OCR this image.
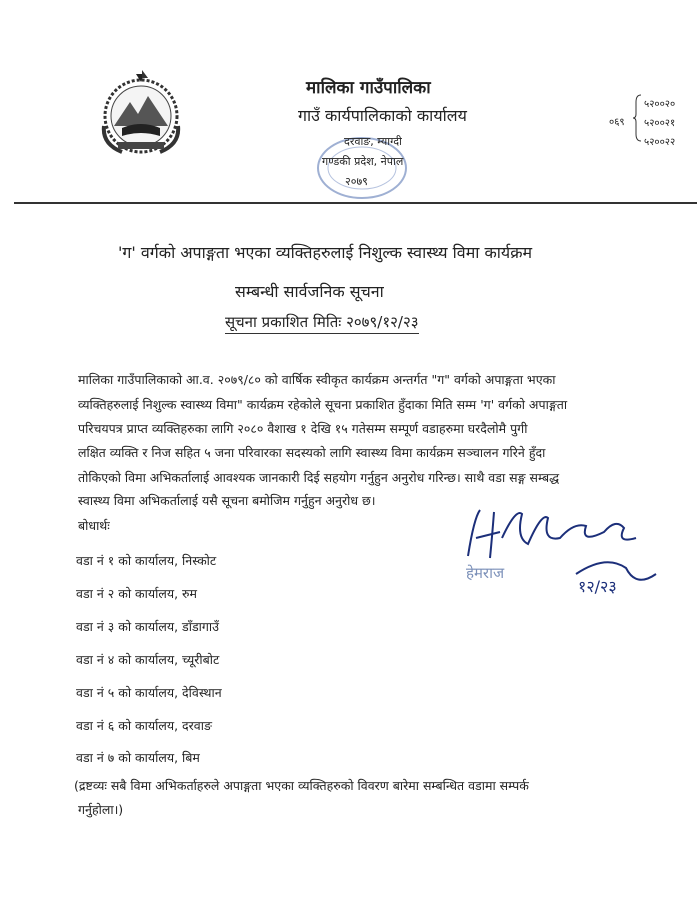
मालिका गाउँपालिका
गाउँ कार्यपालिकाको कार्यालय
दरवाङ, म्याग्दी
गण्डकी प्रदेश, नेपाल
२०७९
०६९
५२००२०
५२००२१
५२००२२
'ग' वर्गको अपाङ्गता भएका व्यक्तिहरुलाई निशुल्क स्वास्थ्य विमा कार्यक्रम
सम्बन्धी सार्वजनिक सूचना
सूचना प्रकाशित मितिः २०७९/१२/२३
मालिका गाउँपालिकाको आ.व. २०७९/८० को वार्षिक स्वीकृत कार्यक्रम अन्तर्गत "ग" वर्गको अपाङ्गता भएका
व्यक्तिहरुलाई निशुल्क स्वास्थ्य विमा" कार्यक्रम रहेकोले सूचना प्रकाशित हुँदाका मिति सम्म 'ग' वर्गको अपाङ्गता
परिचयपत्र प्राप्त व्यक्तिहरुका लागि २०८० वैशाख १ देखि १५ गतेसम्म सम्पूर्ण वडाहरुमा घरदैलोमै पुगी
लक्षित व्यक्ति र निज सहित ५ जना परिवारका सदस्यको लागि स्वास्थ्य विमा कार्यक्रम सञ्चालन गरिने हुँदा
तोकिएको विमा अभिकर्तालाई आवश्यक जानकारी दिई सहयोग गर्नुहुन अनुरोध गरिन्छ। साथै वडा सङ्ग सम्बद्ध
स्वास्थ्य विमा अभिकर्तालाई यसै सूचना बमोजिम गर्नुहुन अनुरोध छ।
बोधार्थः
वडा नं १ को कार्यालय, निस्कोट
वडा नं २ को कार्यालय, रुम
वडा नं ३ को कार्यालय, डाँडागाउँ
वडा नं ४ को कार्यालय, च्यूरीबोट
वडा नं ५ को कार्यालय, देविस्थान
वडा नं ६ को कार्यालय, दरवाङ
वडा नं ७ को कार्यालय, बिम
(द्रष्टव्यः सबै विमा अभिकर्ताहरुले अपाङ्गता भएका व्यक्तिहरुको विवरण बारेमा सम्बन्धित वडामा सम्पर्क
गर्नुहोला।)
हेमराज
१२/२३
